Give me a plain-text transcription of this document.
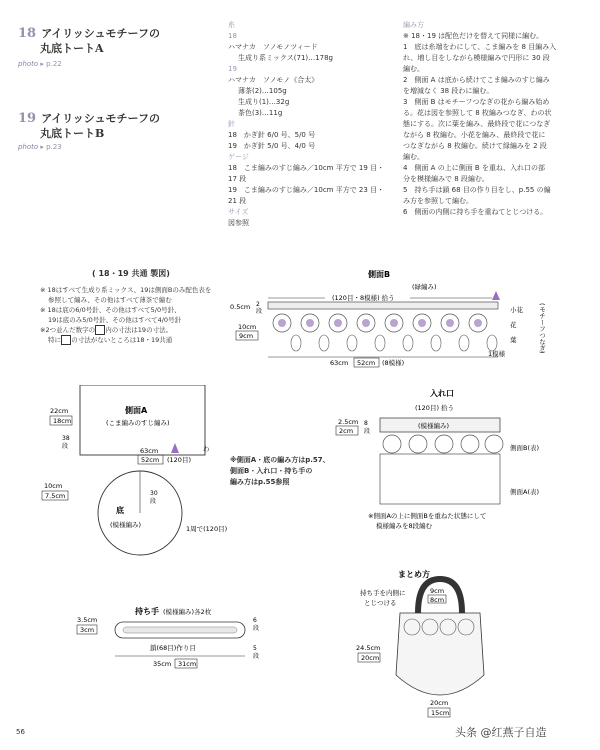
18 アイリッシュモチーフの
丸底トートA
photo ▸ p.22
19 アイリッシュモチーフの
丸底トートB
photo ▸ p.23
糸
18
ハマナカ　ソノモノツィード
生成り系ミックス(71)…178g
19
ハマナカ　ソノモノ《合太》
薄茶(2)…105g
生成り(1)…32g
茶色(3)…11g
針
18　かぎ針 6/0 号、5/0 号
19　かぎ針 5/0 号、4/0 号
ゲージ
18　こま編みのすじ編み／10cm 平方で 19 目・
17 段
19　こま編みのすじ編み／10cm 平方で 23 目・
21 段
サイズ
図参照

編み方

※ 18・19 は配色だけを替えて同様に編む。

1　底は糸端をわにして、こま編みを 8 目編み入

れ、増し目をしながら模様編みで円形に 30 段

編む。

2　側面 A は底から続けてこま編みのすじ編み

を増減なく 38 段わに編む。

3　側面 B はモチーフつなぎの花から編み始め

る。花は図を参照して 8 枚編みつなぎ、わの状

態にする。次に葉を編み、最終段で花につなぎ

ながら 8 枚編む。小花を編み、最終段で花に

つなぎながら 8 枚編む。続けて緑編みを 2 段

編む。

4　側面 A の上に側面 B を重ね、入れ口の部

分を模様編みで 8 段編む。

5　持ち手は鎖 68 目の作り目をし、p.55 の編

み方を参照して編む。

6　側面の内側に持ち手を重ねてとじつける。

( 18・19 共通 製図)
※ 18はすべて生成り系ミックス、19は側面Bのみ配色表を
参照して編み、その他はすべて薄茶で編む
※ 18は底の6/0号針、その他はすべて5/0号針、
19は底のみ5/0号針、その他はすべて4/0号針
※2つ並んだ数字の 内の寸法は19の寸法。
特に の寸法がないところは18・19共通
側面B
(緑編み)
(120目・8模様) 拾う
0.5cm 2
段
10cm
9cm
63cm 52cm (8模様)
小花
花
葉
1模様
(モチーフつなぎ)
側面A
(こま編みのすじ編み)
22cm
18cm
38
段
63cm
52cm (120目)
わ
底
(模様編み)
30
段
10cm
7.5cm
1周で(120目)
※側面A・底の編み方はp.57、
側面B・入れ口・持ち手の
編み方はp.55参照
入れ口
(120目) 拾う
(模様編み)
2.5cm
2cm
8
段
側面B(表)
側面A(表)
※側面Aの上に側面Bを重ねた状態にして
模様編みを8段編む
持ち手 (模様編み)各2枚
3.5cm
3cm
6
段
5
段
鎖(68目)作り目
35cm 31cm
まとめ方
持ち手を内側に
とじつける
9cm
8cm
24.5cm
20cm
20cm
15cm
56	头条 @红燕子自造
